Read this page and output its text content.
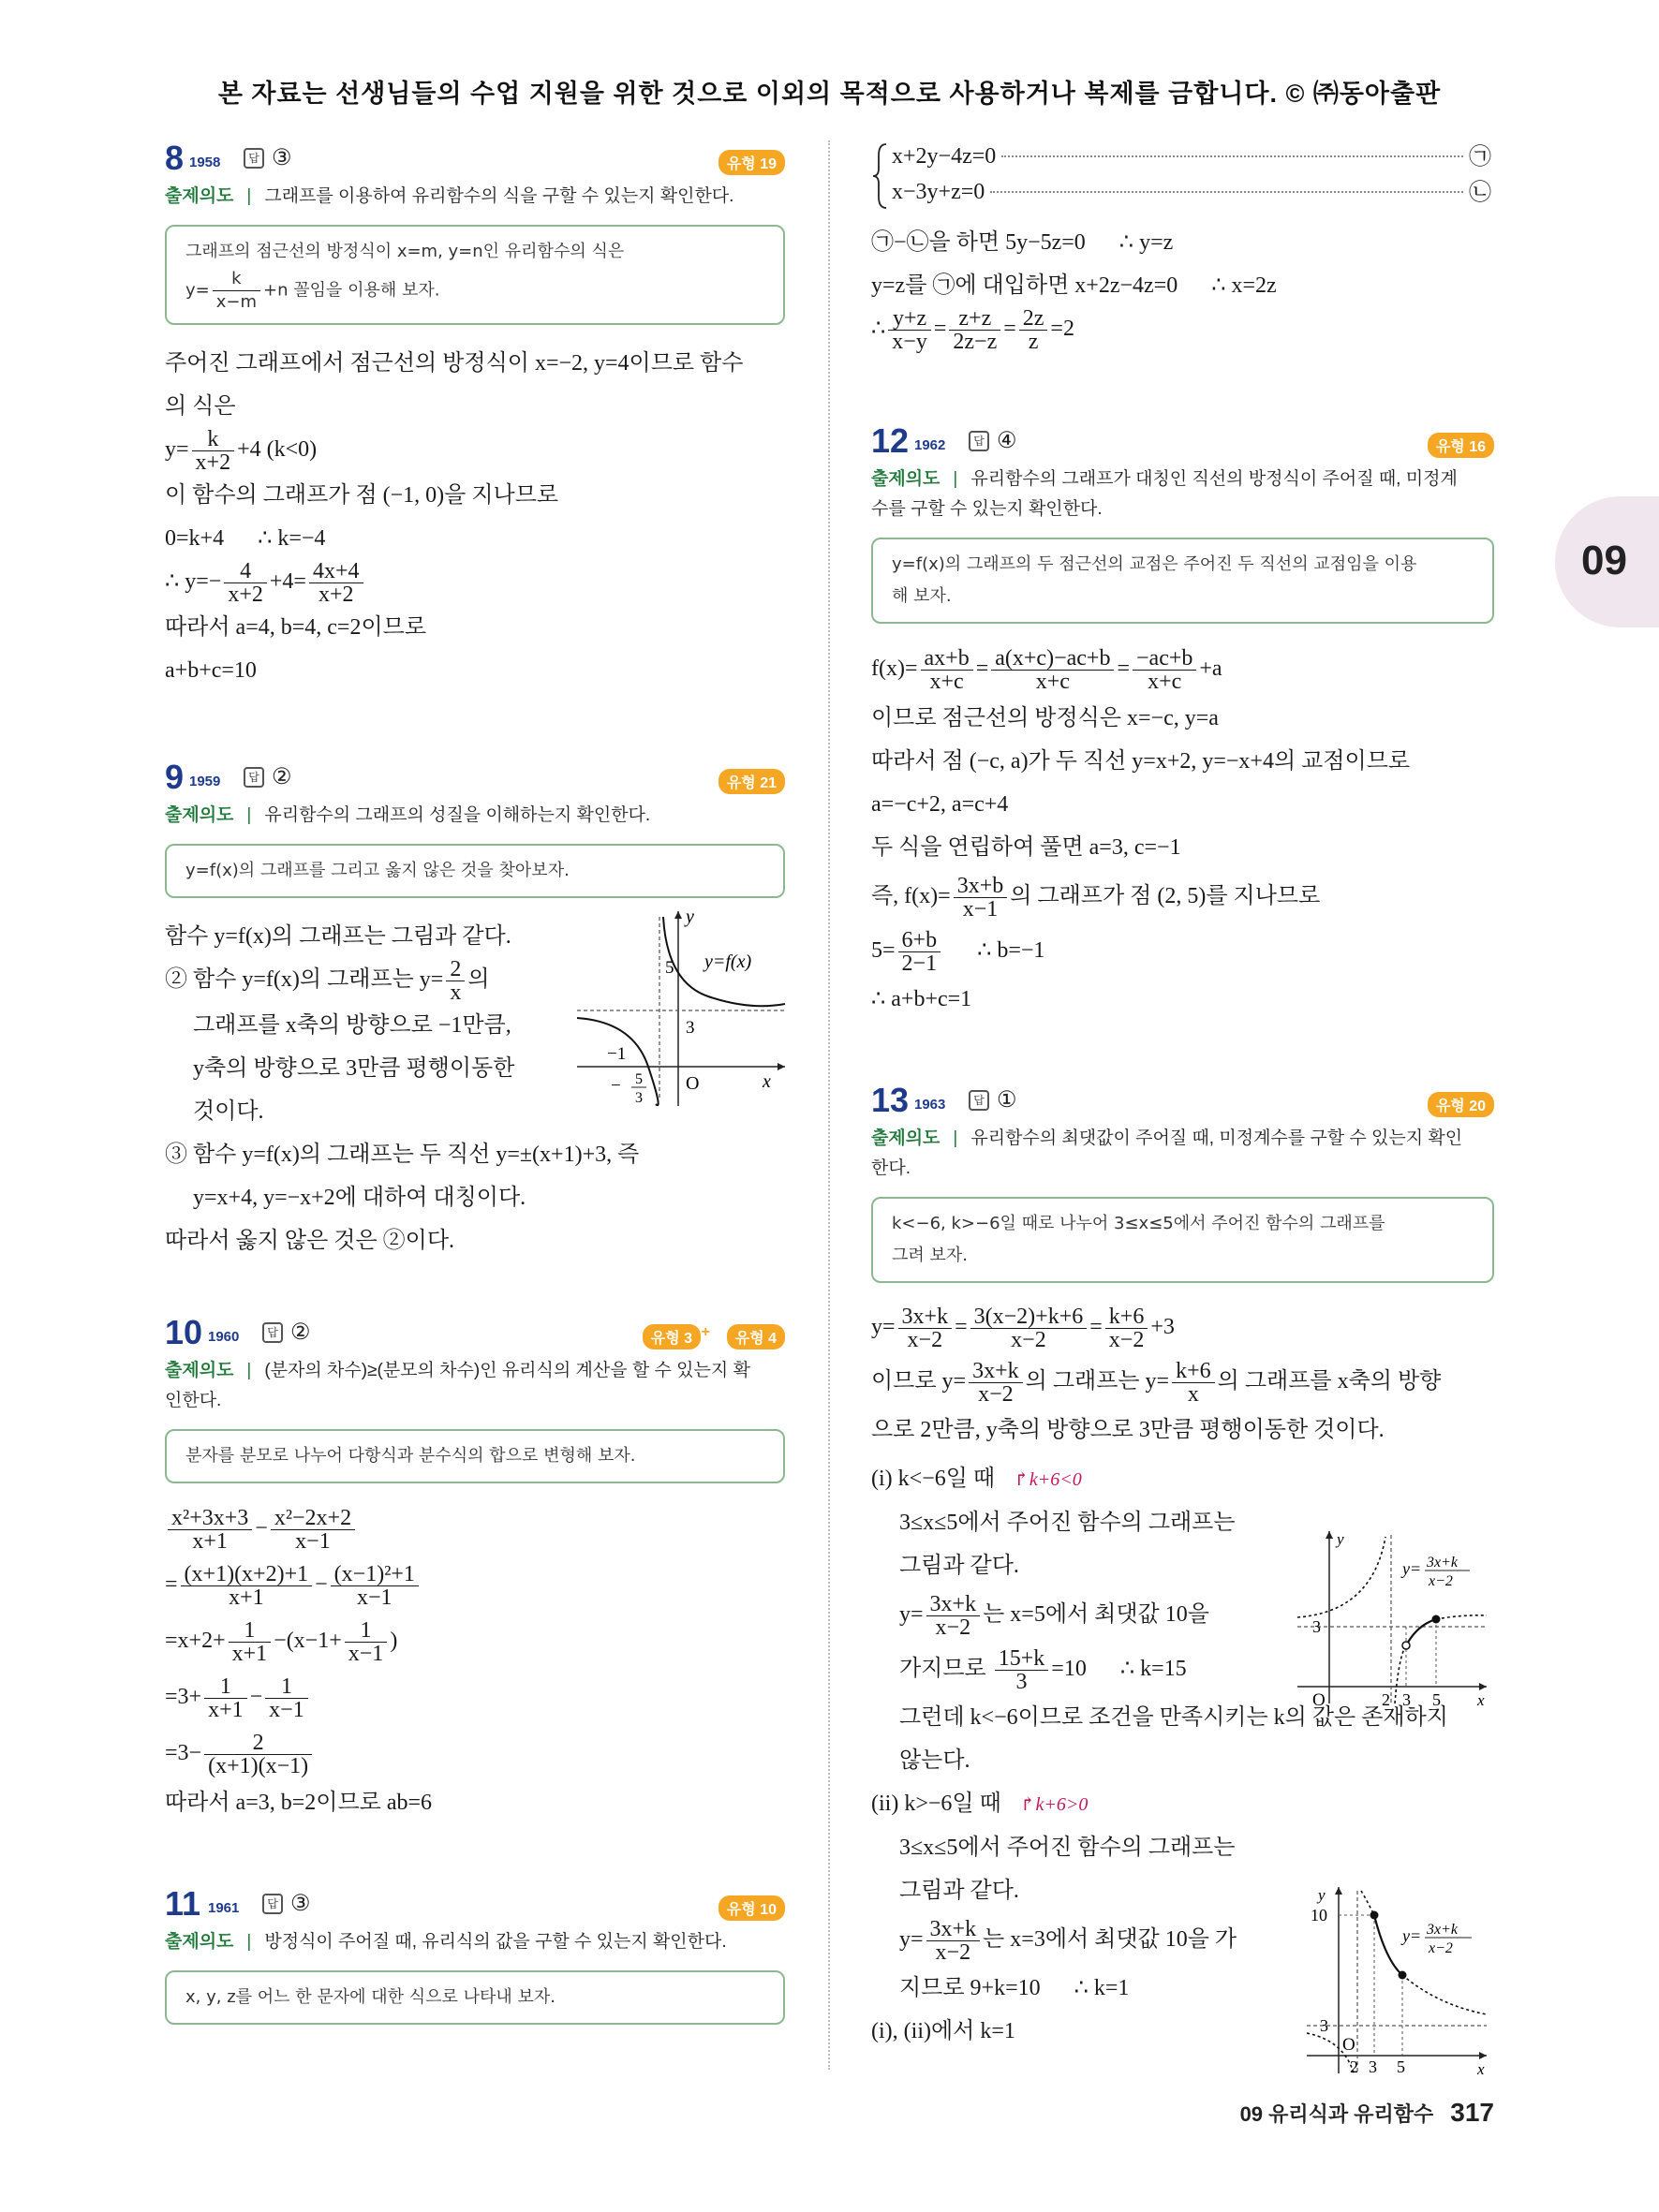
본 자료는 선생님들의 수업 지원을 위한 것으로 이외의 목적으로 사용하거나 복제를 금합니다. © ㈜동아출판
09
8 1958	답 ③	유형 19
출제의도 | 그래프를 이용하여 유리함수의 식을 구할 수 있는지 확인한다.
그래프의 점근선의 방정식이 x=m, y=n인 유리함수의 식은
$y= \frac{k}{x-m} +n$ 꼴임을 이용해 보자.
주어진 그래프에서 점근선의 방정식이 x=−2, y=4이므로 함수
의 식은
$y= \frac{k}{x+2} +4$ (k<0)
이 함수의 그래프가 점 (−1, 0)을 지나므로
0=k+4      ∴ k=−4
∴ $y=- \frac{4}{x+2} +4= \frac{4x+4}{x+2}$
따라서 a=4, b=4, c=2이므로
a+b+c=10
9 1959	답 ②	유형 21
출제의도 | 유리함수의 그래프의 성질을 이해하는지 확인한다.
y=f(x)의 그래프를 그리고 옳지 않은 것을 찾아보자.
함수 y=f(x)의 그래프는 그림과 같다.
② 함수 y=f(x)의 그래프는 $y= \frac{2}{x}$ 의
그래프를 x축의 방향으로 −1만큼,
y축의 방향으로 3만큼 평행이동한
것이다.
③ 함수 y=f(x)의 그래프는 두 직선 y=±(x+1)+3, 즉
y=x+4, y=−x+2에 대하여 대칭이다.
따라서 옳지 않은 것은 ②이다.
y
x
O
y=f(x)
5
3
−1
− 5
3
10 1960	답 ②	유형 3 +	유형 4
출제의도 | (분자의 차수)≥(분모의 차수)인 유리식의 계산을 할 수 있는지 확
인한다.
분자를 분모로 나누어 다항식과 분수식의 합으로 변형해 보자.
$\frac{\text{x²+3x+3}}{x+1} - \frac{\text{x²−2x+2}}{x-1}$
= $\frac{(x+1)(x+2)+1}{x+1} - \frac{\text{(x−1)²+1}}{x-1}$
$=x+2+ \frac{1}{x+1} -(x-1+ \frac{1}{x-1}$ )
$=3+ \frac{1}{x+1} - \frac{1}{x-1}$
$=3- \frac{2}{(x+1)(x-1)}$
따라서 a=3, b=2이므로 ab=6
11 1961	답 ③	유형 10
출제의도 | 방정식이 주어질 때, 유리식의 값을 구할 수 있는지 확인한다.
x, y, z를 어느 한 문자에 대한 식으로 나타내 보자.
x+2y−4z=0	㉠
x−3y+z=0	㉡
㉠−㉡을 하면 5y−5z=0      ∴ y=z
y=z를 ㉠에 대입하면 x+2z−4z=0      ∴ x=2z
∴ $\frac{y+z}{x-y} = \frac{z+z}{2z-z} = \frac{2z}{z} =2$
12 1962	답 ④	유형 16
출제의도 | 유리함수의 그래프가 대칭인 직선의 방정식이 주어질 때, 미정계
수를 구할 수 있는지 확인한다.
y=f(x)의 그래프의 두 점근선의 교점은 주어진 두 직선의 교점임을 이용
해 보자.
$f(x)= \frac{ax+b}{x+c} = \frac{a(x+c)-ac+b}{x+c} = \frac{-ac+b}{x+c} +a$
이므로 점근선의 방정식은 x=−c, y=a
따라서 점 (−c, a)가 두 직선 y=x+2, y=−x+4의 교점이므로
a=−c+2, a=c+4
두 식을 연립하여 풀면 a=3, c=−1
즉, $f(x)= \frac{3x+b}{x-1}$ 의 그래프가 점 (2, 5)를 지나므로
$5= \frac{6+b}{2-1}$ ∴ b=−1
∴ a+b+c=1
13 1963	답 ①	유형 20
출제의도 | 유리함수의 최댓값이 주어질 때, 미정계수를 구할 수 있는지 확인
한다.
k<−6, k>−6일 때로 나누어 3≤x≤5에서 주어진 함수의 그래프를
그려 보자.
$y= \frac{3x+k}{x-2} = \frac{3(x-2)+k+6}{x-2} = \frac{k+6}{x-2} +3$
이므로 $y= \frac{3x+k}{x-2}$ 의 그래프는 $y= \frac{k+6}{x}$ 의 그래프를 x축의 방향
으로 2만큼, y축의 방향으로 3만큼 평행이동한 것이다.
(i) k<−6일 때 ↱k+6<0
3≤x≤5에서 주어진 함수의 그래프는
그림과 같다.
$y= \frac{3x+k}{x-2}$ 는 x=5에서 최댓값 10을
가지므로 $\frac{15+k}{3} =10$      ∴ k=15
그런데 k<−6이므로 조건을 만족시키는 k의 값은 존재하지
않는다.
(ii) k>−6일 때 ↱k+6>0
3≤x≤5에서 주어진 함수의 그래프는
그림과 같다.
$y= \frac{3x+k}{x-2}$ 는 x=3에서 최댓값 10을 가
지므로 9+k=10      ∴ k=1
(i), (ii)에서 k=1
y
x
O
3
2 3 5
y= 3x+k
x−2
y
x
O
10
3
2 3 5
y= 3x+k
x−2
09 유리식과 유리함수 317
